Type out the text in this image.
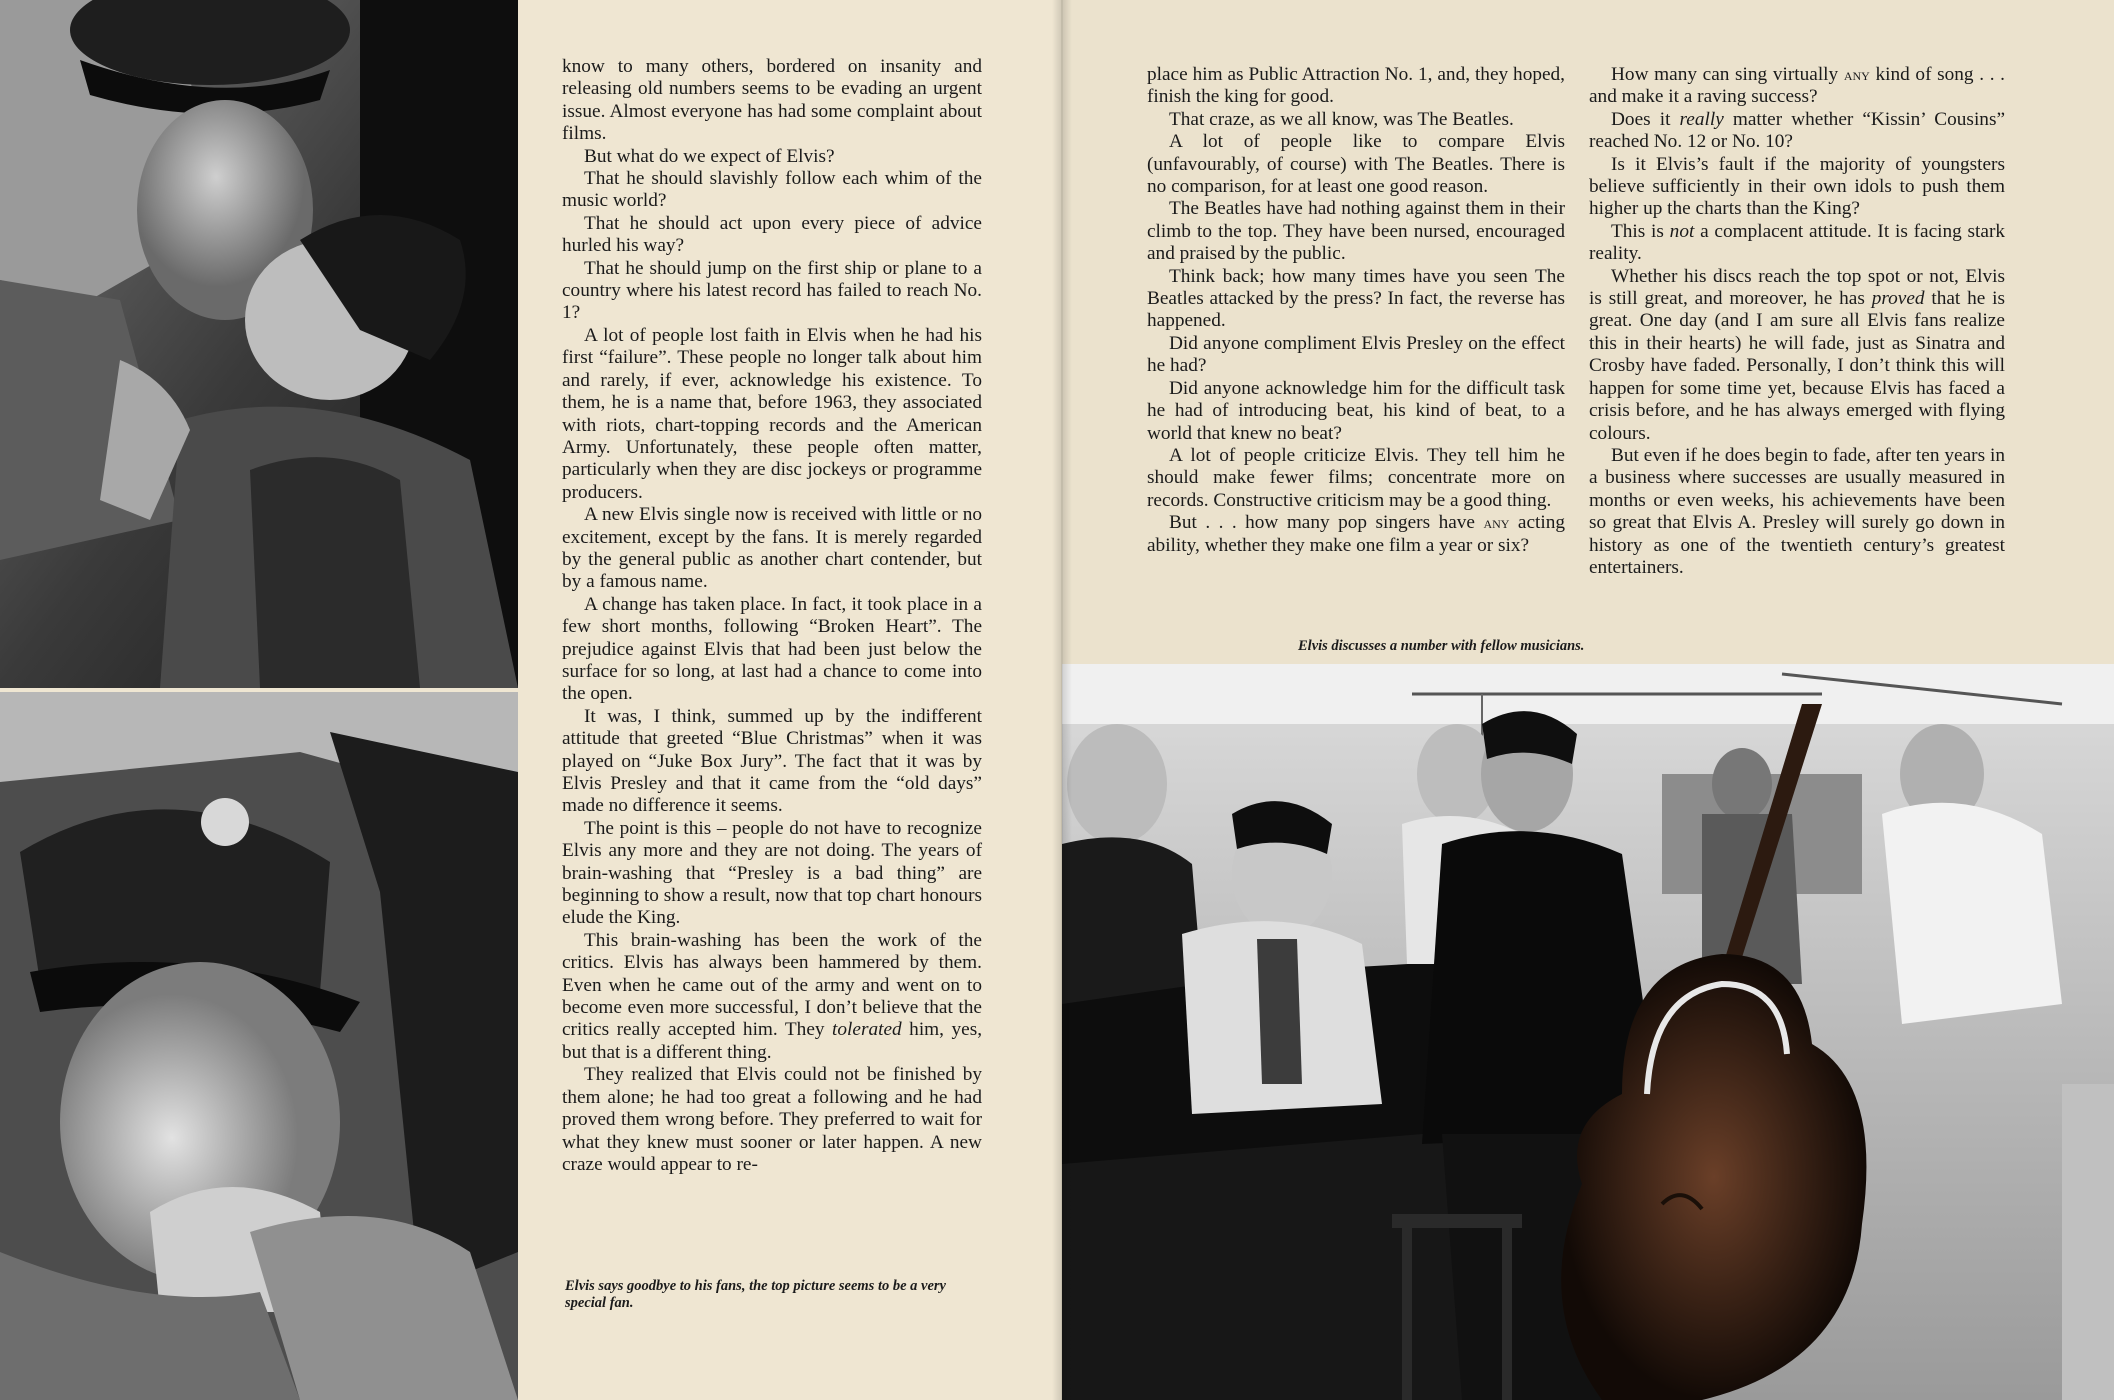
know to many others, bordered on insanity and releasing old numbers seems to be evading an urgent issue. Almost everyone has had some complaint about films.

But what do we expect of Elvis?

That he should slavishly follow each whim of the music world?

That he should act upon every piece of advice hurled his way?

That he should jump on the first ship or plane to a country where his latest record has failed to reach No. 1?

A lot of people lost faith in Elvis when he had his first “failure”. These people no longer talk about him and rarely, if ever, acknowledge his existence. To them, he is a name that, before 1963, they associated with riots, chart-topping records and the American Army. Unfortunately, these people often matter, particularly when they are disc jockeys or programme producers.

A new Elvis single now is received with little or no excitement, except by the fans. It is merely regarded by the general public as another chart contender, but by a famous name.

A change has taken place. In fact, it took place in a few short months, following “Broken Heart”. The prejudice against Elvis that had been just below the surface for so long, at last had a chance to come into the open.

It was, I think, summed up by the indifferent attitude that greeted “Blue Christmas” when it was played on “Juke Box Jury”. The fact that it was by Elvis Presley and that it came from the “old days” made no difference it seems.

The point is this – people do not have to recognize Elvis any more and they are not doing. The years of brain-washing that “Presley is a bad thing” are beginning to show a result, now that top chart honours elude the King.

This brain-washing has been the work of the critics. Elvis has always been hammered by them. Even when he came out of the army and went on to become even more successful, I don’t believe that the critics really accepted him. They tolerated him, yes, but that is a different thing.

They realized that Elvis could not be finished by them alone; he had too great a following and he had proved them wrong before. They preferred to wait for what they knew must sooner or later happen. A new craze would appear to re-

Elvis says goodbye to his fans, the top picture seems to be a very special fan.

place him as Public Attraction No. 1, and, they hoped, finish the king for good.

That craze, as we all know, was The Beatles.

A lot of people like to compare Elvis (unfavourably, of course) with The Beatles. There is no comparison, for at least one good reason.

The Beatles have had nothing against them in their climb to the top. They have been nursed, encouraged and praised by the public.

Think back; how many times have you seen The Beatles attacked by the press? In fact, the reverse has happened.

Did anyone compliment Elvis Presley on the effect he had?

Did anyone acknowledge him for the difficult task he had of introducing beat, his kind of beat, to a world that knew no beat?

A lot of people criticize Elvis. They tell him he should make fewer films; concentrate more on records. Constructive criticism may be a good thing.

But . . . how many pop singers have any acting ability, whether they make one film a year or six?

How many can sing virtually any kind of song . . . and make it a raving success?

Does it really matter whether “Kissin’ Cousins” reached No. 12 or No. 10?

Is it Elvis’s fault if the majority of youngsters believe sufficiently in their own idols to push them higher up the charts than the King?

This is not a complacent attitude. It is facing stark reality.

Whether his discs reach the top spot or not, Elvis is still great, and moreover, he has proved that he is great. One day (and I am sure all Elvis fans realize this in their hearts) he will fade, just as Sinatra and Crosby have faded. Personally, I don’t think this will happen for some time yet, because Elvis has faced a crisis before, and he has always emerged with flying colours.

But even if he does begin to fade, after ten years in a business where successes are usually measured in months or even weeks, his achievements have been so great that Elvis A. Presley will surely go down in history as one of the twentieth century’s greatest entertainers.

Elvis discusses a number with fellow musicians.
